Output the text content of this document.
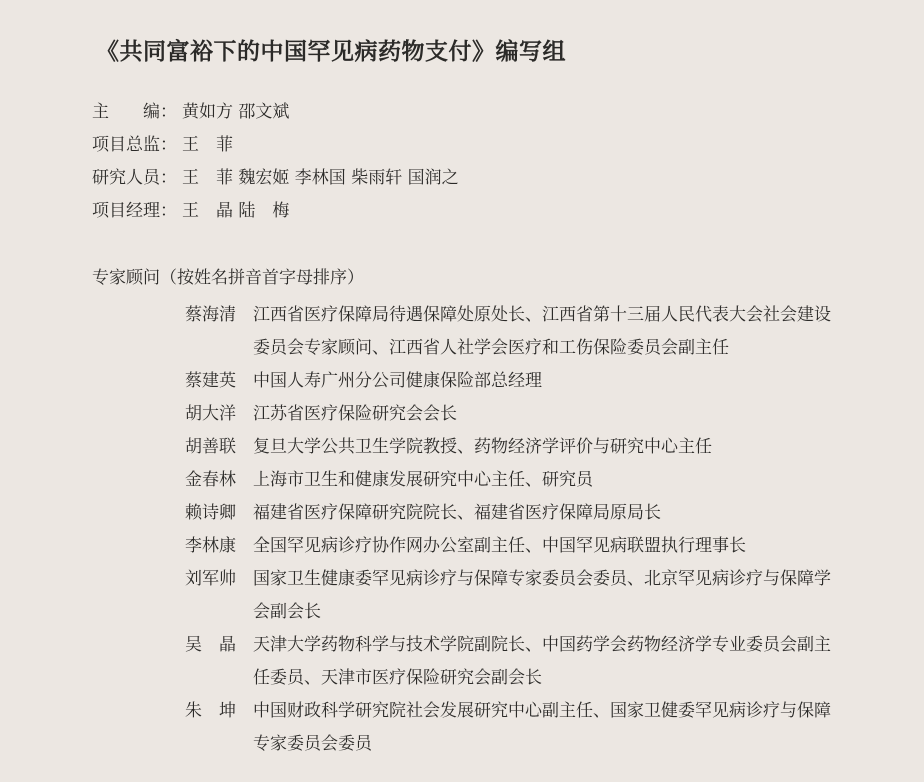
《共同富裕下的中国罕见病药物支付》编写组
主　　编： 黄如方 邵文斌
项目总监： 王　菲
研究人员： 王　菲 魏宏姬 李林国 柴雨轩 国润之
项目经理： 王　晶 陆　梅
专家顾问（按姓名拼音首字母排序）
蔡海清	江西省医疗保障局待遇保障处原处长、江西省第十三届人民代表大会社会建设委员会专家顾问、江西省人社学会医疗和工伤保险委员会副主任
蔡建英	中国人寿广州分公司健康保险部总经理
胡大洋	江苏省医疗保险研究会会长
胡善联	复旦大学公共卫生学院教授、药物经济学评价与研究中心主任
金春林	上海市卫生和健康发展研究中心主任、研究员
赖诗卿	福建省医疗保障研究院院长、福建省医疗保障局原局长
李林康	全国罕见病诊疗协作网办公室副主任、中国罕见病联盟执行理事长
刘军帅	国家卫生健康委罕见病诊疗与保障专家委员会委员、北京罕见病诊疗与保障学会副会长
吴　晶	天津大学药物科学与技术学院副院长、中国药学会药物经济学专业委员会副主任委员、天津市医疗保险研究会副会长
朱　坤	中国财政科学研究院社会发展研究中心副主任、国家卫健委罕见病诊疗与保障专家委员会委员
